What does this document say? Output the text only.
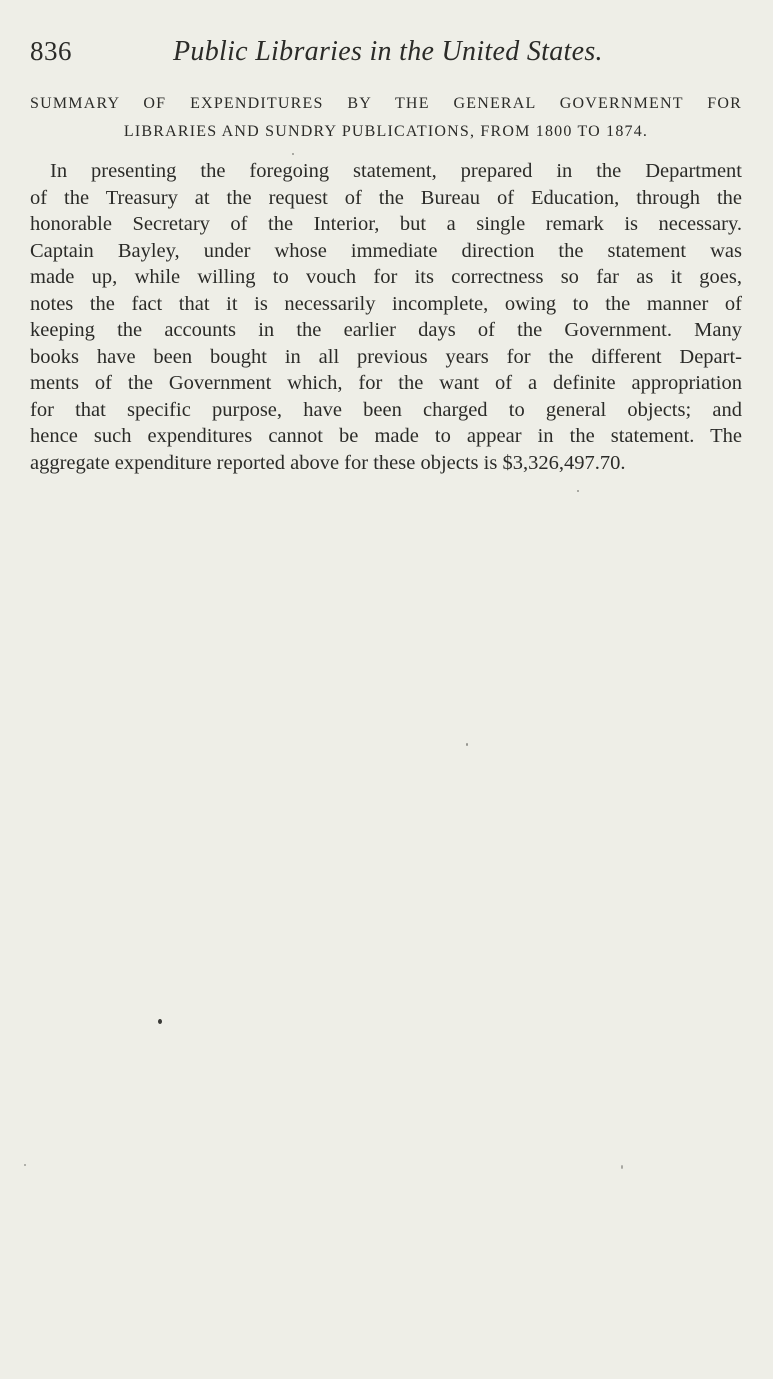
836	Public Libraries in the United States.
SUMMARY OF EXPENDITURES BY THE GENERAL GOVERNMENT FOR
LIBRARIES AND SUNDRY PUBLICATIONS, FROM 1800 TO 1874.
In presenting the foregoing statement, prepared in the Department
of the Treasury at the request of the Bureau of Education, through the
honorable Secretary of the Interior, but a single remark is necessary.
Captain Bayley, under whose immediate direction the statement was
made up, while willing to vouch for its correctness so far as it goes,
notes the fact that it is necessarily incomplete, owing to the manner of
keeping the accounts in the earlier days of the Government. Many
books have been bought in all previous years for the different Depart-
ments of the Government which, for the want of a definite appropriation
for that specific purpose, have been charged to general objects; and
hence such expenditures cannot be made to appear in the statement. The
aggregate expenditure reported above for these objects is $3,326,497.70.
